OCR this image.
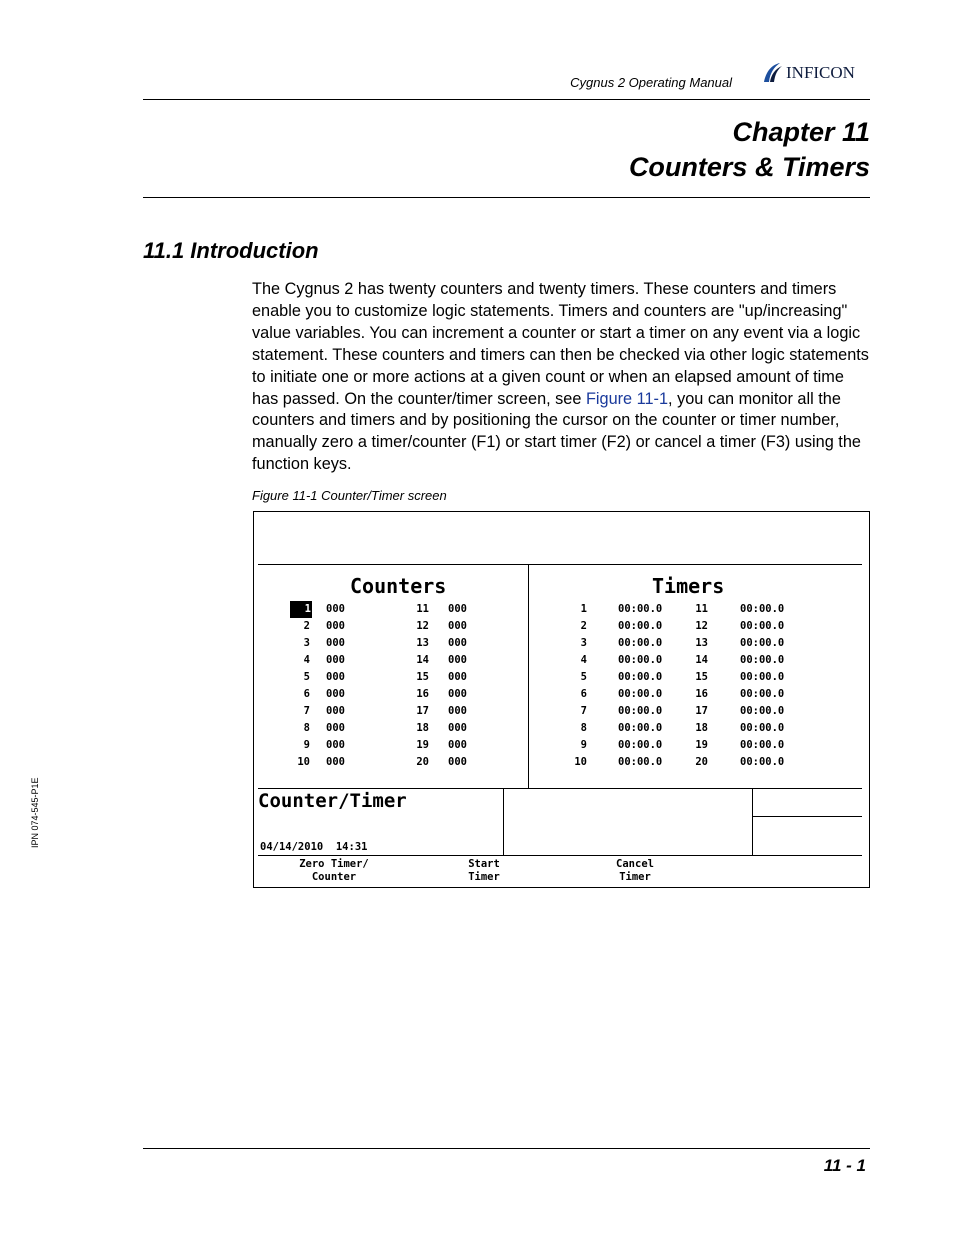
Cygnus 2 Operating Manual
INFICON
Chapter 11
Counters & Timers
11.1 Introduction
The Cygnus 2 has twenty counters and twenty timers. These counters and timers enable you to customize logic statements. Timers and counters are "up/increasing" value variables. You can increment a counter or start a timer on any event via a logic statement. These counters and timers can then be checked via other logic statements to initiate one or more actions at a given count or when an elapsed amount of time has passed. On the counter/timer screen, see Figure 11-1, you can monitor all the counters and timers and by positioning the cursor on the counter or timer number, manually zero a timer/counter (F1) or start timer (F2) or cancel a timer (F3) using the function keys.
Figure 11-1 Counter/Timer screen
Counters	Timers
1 000	11 000
2 000	12 000
3 000	13 000
4 000	14 000
5 000	15 000
6 000	16 000
7 000	17 000
8 000	18 000
9 000	19 000
10 000	20 000
1	00:00.0	11	00:00.0
2	00:00.0	12	00:00.0
3	00:00.0	13	00:00.0
4	00:00.0	14	00:00.0
5	00:00.0	15	00:00.0
6	00:00.0	16	00:00.0
7	00:00.0	17	00:00.0
8	00:00.0	18	00:00.0
9	00:00.0	19	00:00.0
10	00:00.0	20	00:00.0
Counter/Timer
04/14/2010  14:31
Zero Timer/
Counter
Start
Timer
Cancel
Timer
IPN 074-545-P1E
11 - 1
